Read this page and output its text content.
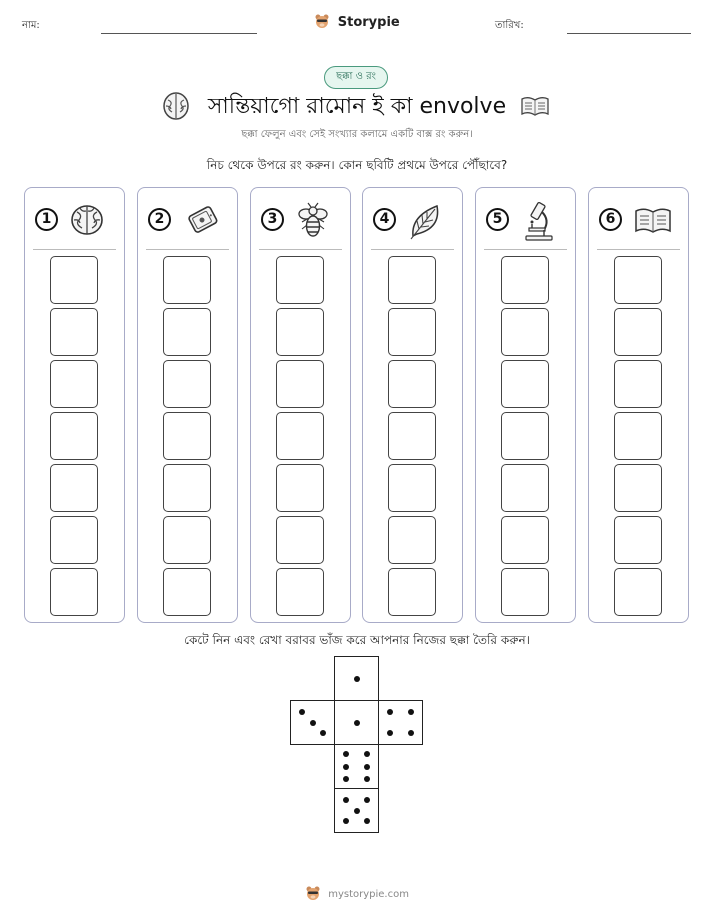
নাম:	Storypie	তারিখ:
ছক্কা ও রং
সান্তিয়াগো রামোন ই কা envolve
ছক্কা ফেলুন এবং সেই সংখ্যার কলামে একটি বাক্স রং করুন।
নিচ থেকে উপরে রং করুন। কোন ছবিটি প্রথমে উপরে পৌঁছাবে?
1	2	3	4	5	6
কেটে নিন এবং রেখা বরাবর ভাঁজ করে আপনার নিজের ছক্কা তৈরি করুন।
mystorypie.com
